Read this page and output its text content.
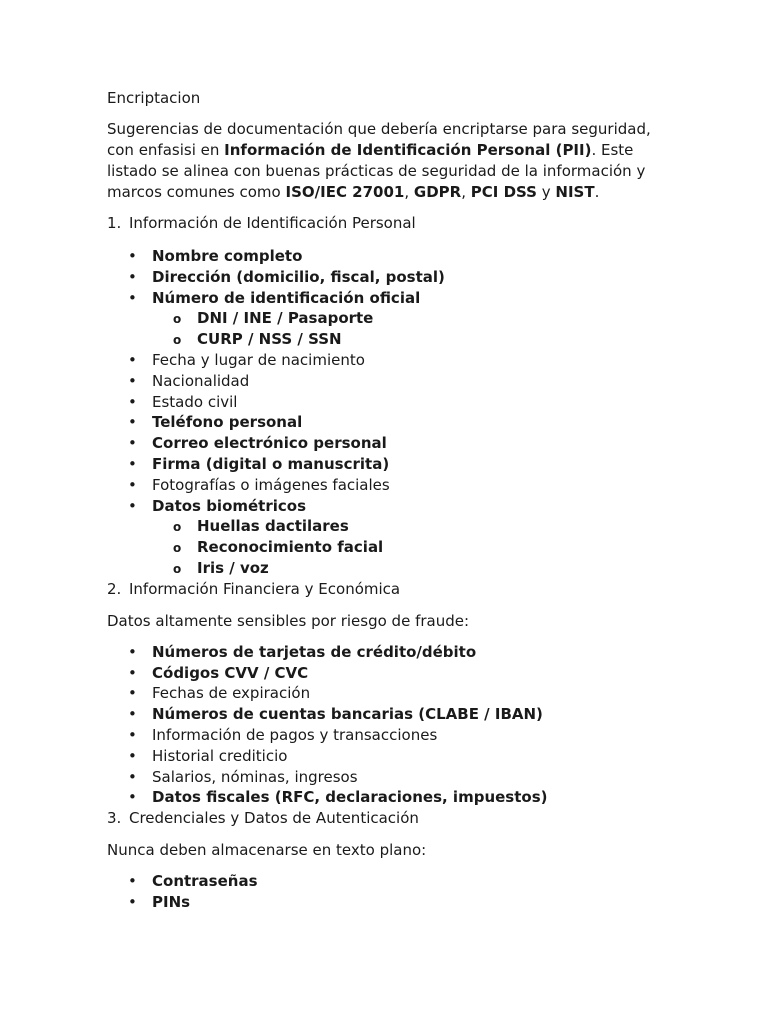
Encriptacion
Sugerencias de documentación que debería encriptarse para seguridad,
con enfasisi en Información de Identificación Personal (PII). Este
listado se alinea con buenas prácticas de seguridad de la información y
marcos comunes como ISO/IEC 27001, GDPR, PCI DSS y NIST.
1. Información de Identificación Personal
• Nombre completo
• Dirección (domicilio, fiscal, postal)
• Número de identificación oficial
o DNI / INE / Pasaporte
o CURP / NSS / SSN
• Fecha y lugar de nacimiento
• Nacionalidad
• Estado civil
• Teléfono personal
• Correo electrónico personal
• Firma (digital o manuscrita)
• Fotografías o imágenes faciales
• Datos biométricos
o Huellas dactilares
o Reconocimiento facial
o Iris / voz
2. Información Financiera y Económica
Datos altamente sensibles por riesgo de fraude:
• Números de tarjetas de crédito/débito
• Códigos CVV / CVC
• Fechas de expiración
• Números de cuentas bancarias (CLABE / IBAN)
• Información de pagos y transacciones
• Historial crediticio
• Salarios, nóminas, ingresos
• Datos fiscales (RFC, declaraciones, impuestos)
3. Credenciales y Datos de Autenticación
Nunca deben almacenarse en texto plano:
• Contraseñas
• PINs
